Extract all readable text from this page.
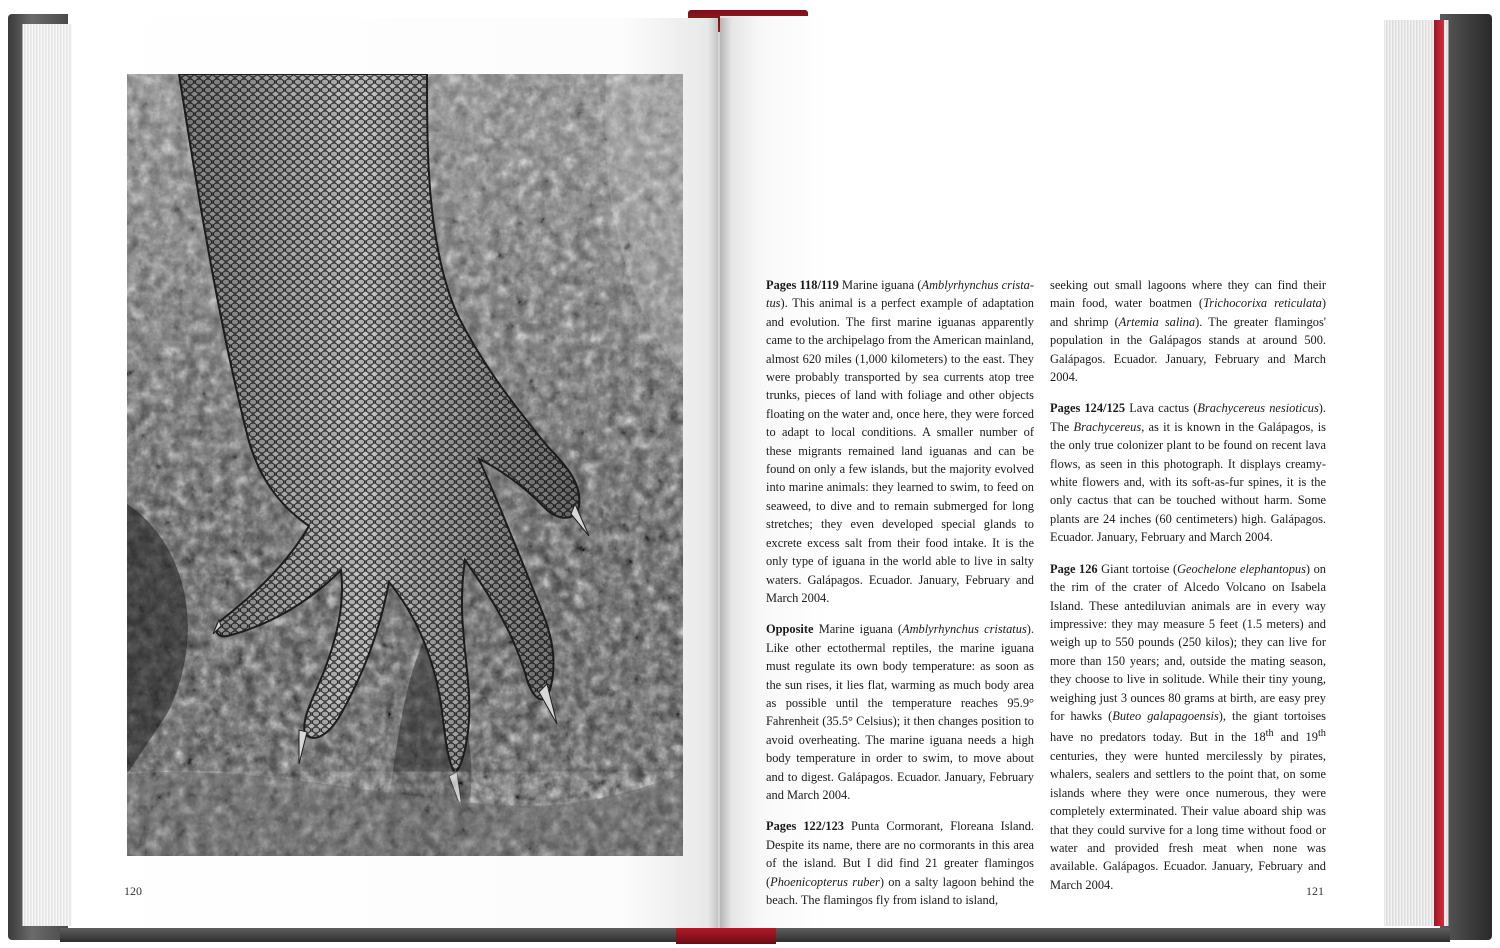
120

Pages 118/119 Marine iguana (Amblyrhynchus crista-tus). This animal is a perfect example of adaptation and evolution. The first marine iguanas apparently came to the archipelago from the American mainland, almost 620 miles (1,000 kilometers) to the east. They were probably transported by sea currents atop tree trunks, pieces of land with foliage and other objects floating on the water and, once here, they were forced to adapt to local conditions. A smaller number of these migrants remained land iguanas and can be found on only a few islands, but the majority evolved into marine animals: they learned to swim, to feed on seaweed, to dive and to remain submerged for long stretches; they even developed special glands to excrete excess salt from their food intake. It is the only type of iguana in the world able to live in salty waters. Galápagos. Ecuador. January, February and March 2004.

Opposite Marine iguana (Amblyrhynchus cristatus). Like other ectothermal reptiles, the marine iguana must regulate its own body temperature: as soon as the sun rises, it lies flat, warming as much body area as possible until the temperature reaches 95.9° Fahrenheit (35.5° Celsius); it then changes position to avoid overheating. The marine iguana needs a high body temperature in order to swim, to move about and to digest. Galápagos. Ecuador. January, February and March 2004.

Pages 122/123 Punta Cormorant, Floreana Island. Despite its name, there are no cormorants in this area of the island. But I did find 21 greater flamingos (Phoenicopterus ruber) on a salty lagoon behind the beach. The flamingos fly from island to island,

seeking out small lagoons where they can find their main food, water boatmen (Trichocorixa reticulata) and shrimp (Artemia salina). The greater flamingos' population in the Galápagos stands at around 500. Galápagos. Ecuador. January, February and March 2004.

Pages 124/125 Lava cactus (Brachycereus nesioticus). The Brachycereus, as it is known in the Galápagos, is the only true colonizer plant to be found on recent lava flows, as seen in this photograph. It displays creamy-white flowers and, with its soft-as-fur spines, it is the only cactus that can be touched without harm. Some plants are 24 inches (60 centimeters) high. Galápagos. Ecuador. January, February and March 2004.

Page 126 Giant tortoise (Geochelone elephantopus) on the rim of the crater of Alcedo Volcano on Isabela Island. These antediluvian animals are in every way impressive: they may measure 5 feet (1.5 meters) and weigh up to 550 pounds (250 kilos); they can live for more than 150 years; and, outside the mating season, they choose to live in solitude. While their tiny young, weighing just 3 ounces 80 grams at birth, are easy prey for hawks (Buteo galapagoensis), the giant tortoises have no predators today. But in the 18th and 19th centuries, they were hunted mercilessly by pirates, whalers, sealers and settlers to the point that, on some islands where they were once numerous, they were completely exterminated. Their value aboard ship was that they could survive for a long time without food or water and provided fresh meat when none was available. Galápagos. Ecuador. January, February and March 2004.	121
